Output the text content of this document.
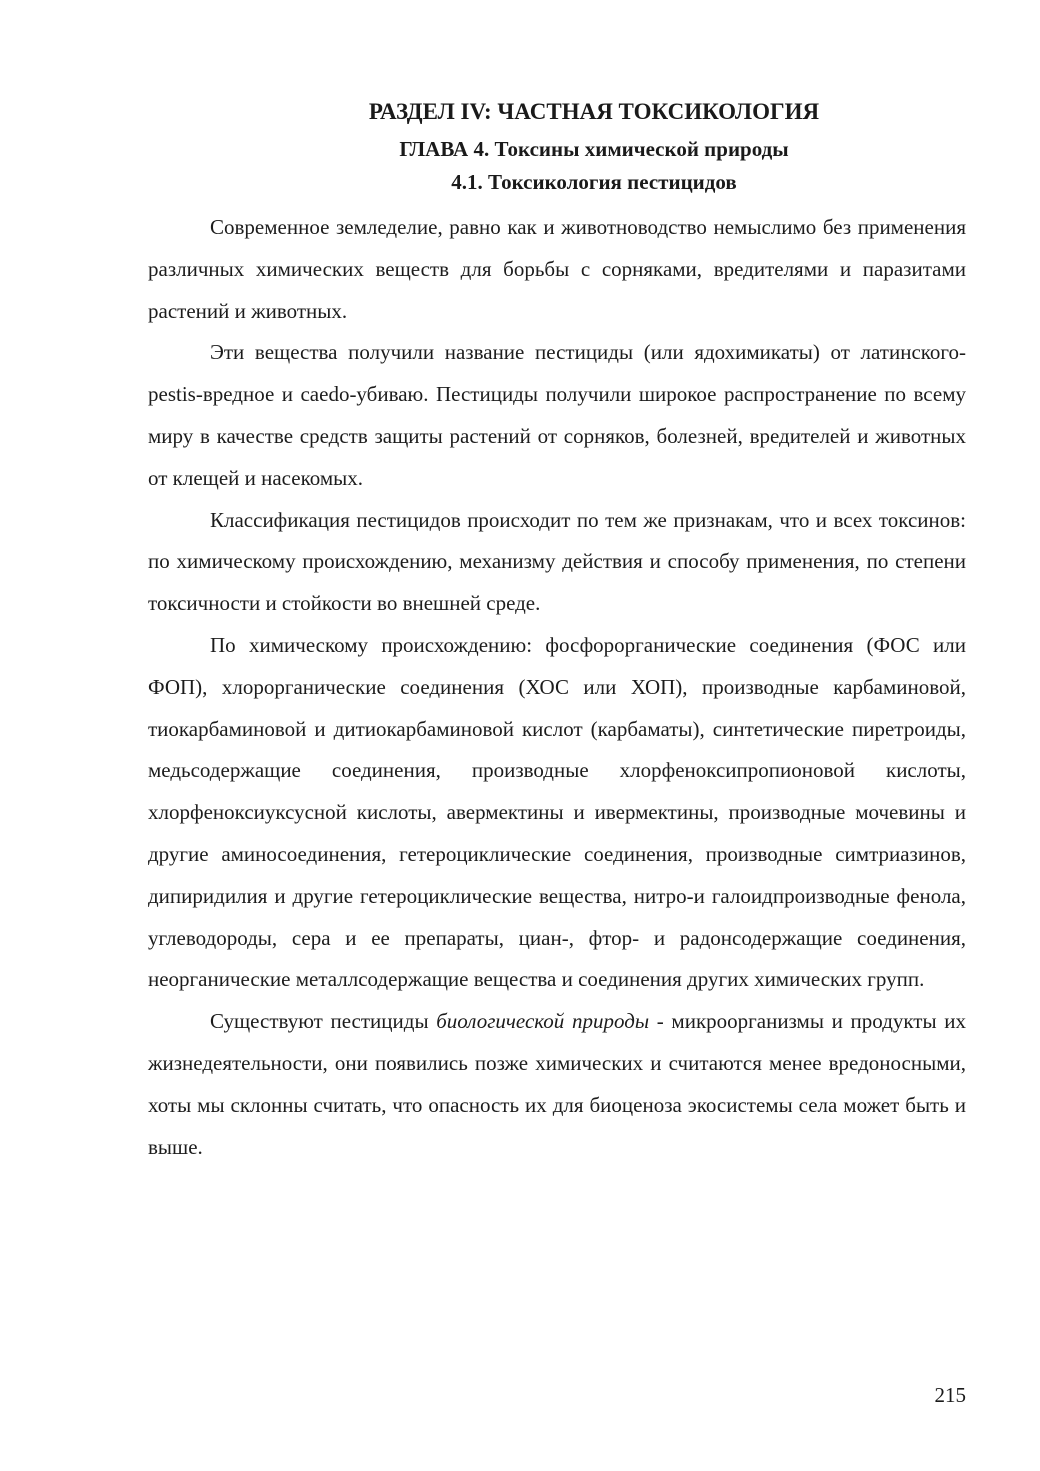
РАЗДЕЛ IV: ЧАСТНАЯ ТОКСИКОЛОГИЯ
ГЛАВА 4. Токсины химической природы
4.1. Токсикология пестицидов

Современное земледелие, равно как и животноводство немыслимо без применения различных химических веществ для борьбы с сорняками, вредителями и паразитами растений и животных.

Эти вещества получили название пестициды (или ядохимикаты) от латинского- pestis-вредное и caedo-убиваю. Пестициды получили широкое распространение по всему миру в качестве средств защиты растений от сорняков, болезней, вредителей и животных от клещей и насекомых.

Классификация пестицидов происходит по тем же признакам, что и всех токсинов: по химическому происхождению, механизму действия и способу применения, по степени токсичности и стойкости во внешней среде.

По химическому происхождению: фосфорорганические соединения (ФОС или ФОП), хлорорганические соединения (ХОС или ХОП), производные карбаминовой, тиокарбаминовой и дитиокарбаминовой кислот (карбаматы), синтетические пиретроиды, медьсодержащие соединения, производные хлорфеноксипропионовой кислоты, хлорфеноксиуксусной кислоты, авермектины и ивермектины, производные мочевины и другие аминосоединения, гетероциклические соединения, производные симтриазинов, дипиридилия и другие гетероциклические вещества, нитро-и галоидпроизводные фенола, углеводороды, сера и ее препараты, циан-, фтор- и радонсодержащие соединения, неорганические металлсодержащие вещества и соединения других химических групп.

Существуют пестициды биологической природы - микроорганизмы и продукты их жизнедеятельности, они появились позже химических и считаются менее вредоносными, хоты мы склонны считать, что опасность их для биоценоза экосистемы села может быть и выше.

215
